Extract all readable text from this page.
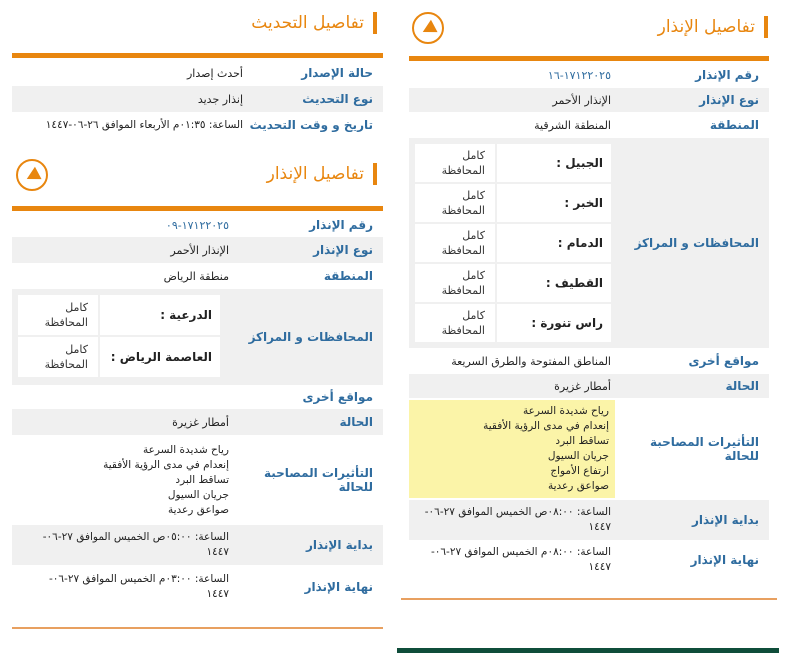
تفاصيل التحديث
حالة الإصدار
أحدث إصدار
نوع التحديث
إنذار جديد
تاريخ و وقت التحديث
الساعة: ٠١:٣٥م الأربعاء الموافق ٢٦-٠٦-١٤٤٧
تفاصيل الإنذار
رقم الإنذار
١٧١٢٢٠٢٥-٠٩
نوع الإنذار
الإنذار الأحمر
المنطقة
منطقة الرياض
المحافظات و المراكز
الدرعية :
كامل
المحافظة
العاصمة الرياض :
كامل
المحافظة
مواقع أخرى
الحالة
أمطار غزيرة
التأثيرات المصاحبة للحالة
رياح شديدة السرعة
إنعدام في مدى الرؤية الأفقية
تساقط البرد
جريان السيول
صواعق رعدية
بداية الإنذار
الساعة: ٠٥:٠٠ص الخميس الموافق ٢٧-٠٦-
١٤٤٧
نهاية الإنذار
الساعة: ٠٣:٠٠م الخميس الموافق ٢٧-٠٦-
١٤٤٧
تفاصيل الإنذار
رقم الإنذار
١٧١٢٢٠٢٥-١٦
نوع الإنذار
الإنذار الأحمر
المنطقة
المنطقة الشرقية
المحافظات و المراكز
الجبيل :
كامل
المحافظة
الخبر :
كامل
المحافظة
الدمام :
كامل
المحافظة
القطيف :
كامل
المحافظة
راس تنورة :
كامل
المحافظة
مواقع أخرى
المناطق المفتوحة والطرق السريعة
الحالة
أمطار غزيرة
التأثيرات المصاحبة للحالة
رياح شديدة السرعة
إنعدام في مدى الرؤية الأفقية
تساقط البرد
جريان السيول
ارتفاع الأمواج
صواعق رعدية
بداية الإنذار
الساعة: ٠٨:٠٠ص الخميس الموافق ٢٧-٠٦-
١٤٤٧
نهاية الإنذار
الساعة: ٠٨:٠٠م الخميس الموافق ٢٧-٠٦-
١٤٤٧
